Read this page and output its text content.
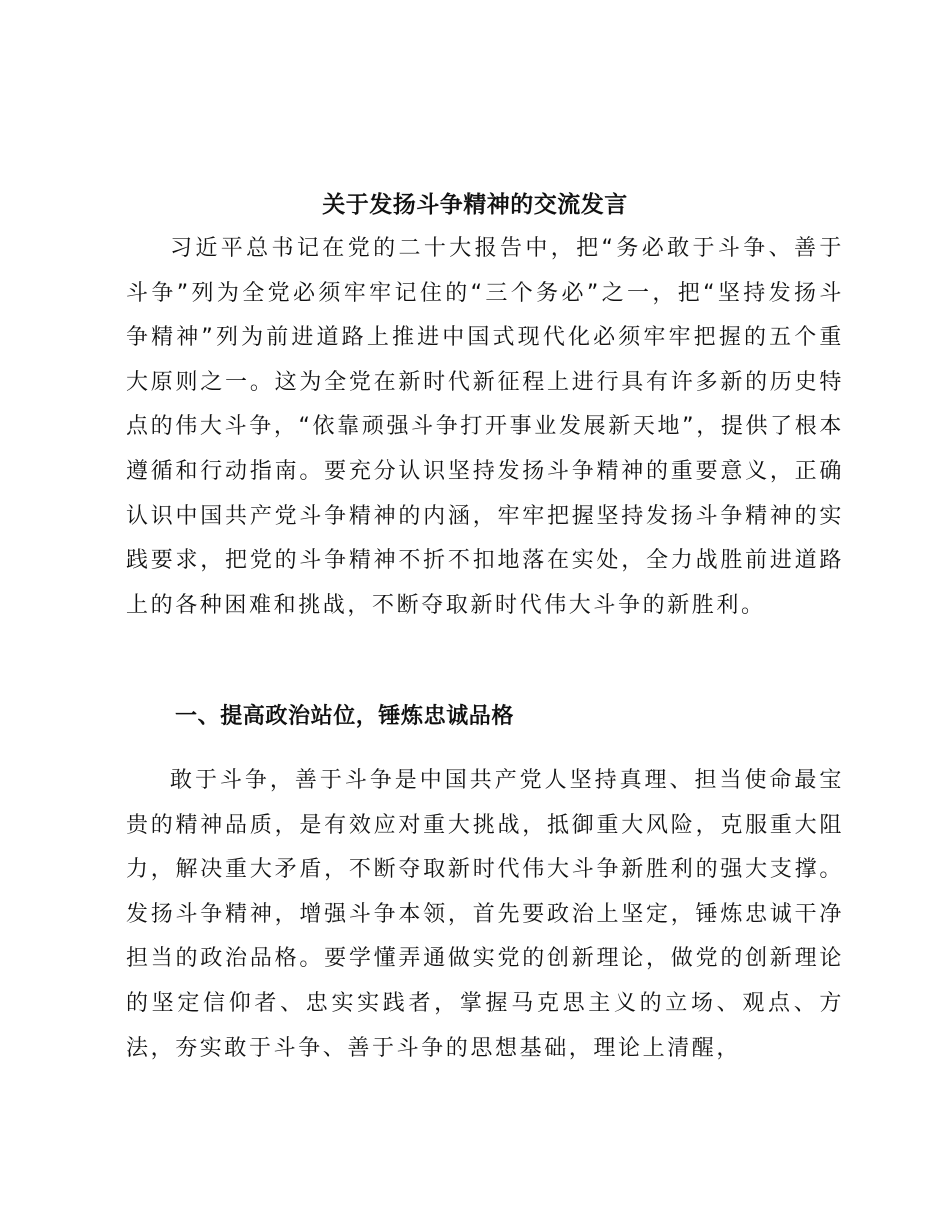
关于发扬斗争精神的交流发言

习近平总书记在党的二十大报告中，把“务必敢于斗争、善于斗争”列为全党必须牢牢记住的“三个务必”之一，把“坚持发扬斗争精神”列为前进道路上推进中国式现代化必须牢牢把握的五个重大原则之一。这为全党在新时代新征程上进行具有许多新的历史特点的伟大斗争，“依靠顽强斗争打开事业发展新天地”，提供了根本遵循和行动指南。要充分认识坚持发扬斗争精神的重要意义，正确认识中国共产党斗争精神的内涵，牢牢把握坚持发扬斗争精神的实践要求，把党的斗争精神不折不扣地落在实处，全力战胜前进道路上的各种困难和挑战，不断夺取新时代伟大斗争的新胜利。

一、提高政治站位，锤炼忠诚品格

敢于斗争，善于斗争是中国共产党人坚持真理、担当使命最宝贵的精神品质，是有效应对重大挑战，抵御重大风险，克服重大阻力，解决重大矛盾，不断夺取新时代伟大斗争新胜利的强大支撑。发扬斗争精神，增强斗争本领，首先要政治上坚定，锤炼忠诚干净担当的政治品格。要学懂弄通做实党的创新理论，做党的创新理论的坚定信仰者、忠实实践者，掌握马克思主义的立场、观点、方法，夯实敢于斗争、善于斗争的思想基础，理论上清醒，
